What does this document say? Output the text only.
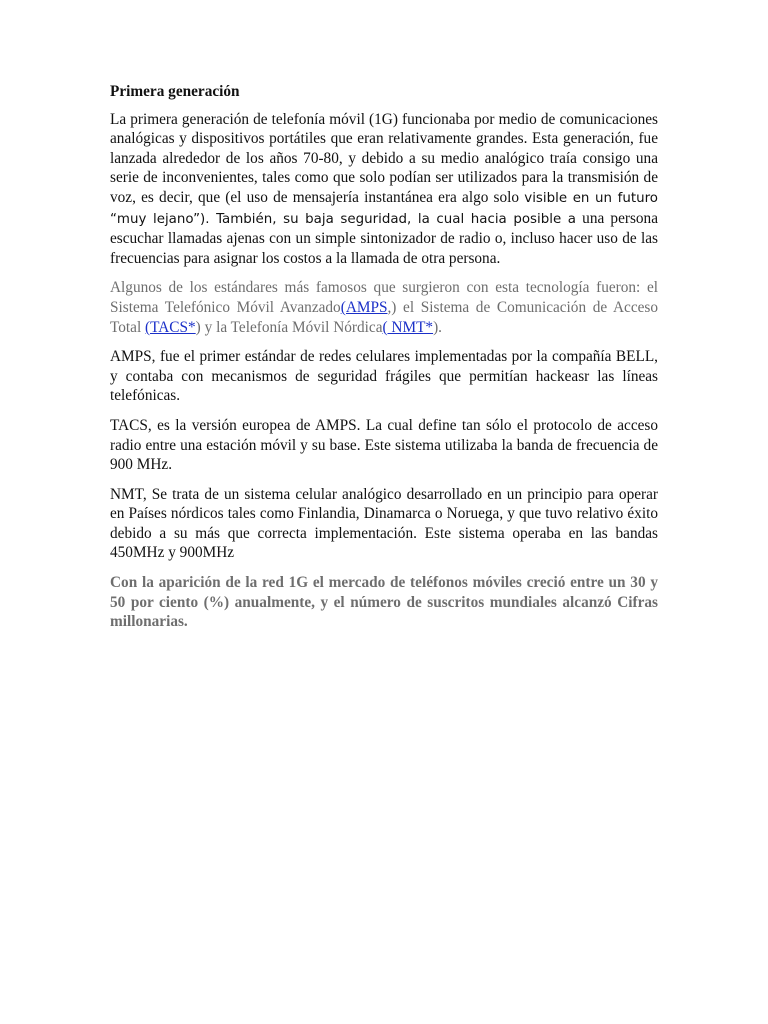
Primera generación

La primera generación de telefonía móvil (1G) funcionaba por medio de comunicaciones analógicas y dispositivos portátiles que eran relativamente grandes. Esta generación, fue lanzada alrededor de los años 70-80, y debido a su medio analógico traía consigo una serie de inconvenientes, tales como que solo podían ser utilizados para la transmisión de voz, es decir, que (el uso de mensajería instantánea era algo solo visible en un futuro “muy lejano”). También, su baja seguridad, la cual hacia posible a una persona escuchar llamadas ajenas con un simple sintonizador de radio o, incluso hacer uso de las frecuencias para asignar los costos a la llamada de otra persona.

Algunos de los estándares más famosos que surgieron con esta tecnología fueron: el Sistema Telefónico Móvil Avanzado(AMPS,) el Sistema de Comunicación de Acceso Total (TACS*) y la Telefonía Móvil Nórdica( NMT*).

AMPS, fue el primer estándar de redes celulares implementadas por la compañía BELL, y contaba con mecanismos de seguridad frágiles que permitían hackeasr las líneas telefónicas.

TACS, es la versión europea de AMPS. La cual define tan sólo el protocolo de acceso radio entre una estación móvil y su base. Este sistema utilizaba la banda de frecuencia de 900 MHz.

NMT, Se trata de un sistema celular analógico desarrollado en un principio para operar en Países nórdicos tales como Finlandia, Dinamarca o Noruega, y que tuvo relativo éxito debido a su más que correcta implementación. Este sistema operaba en las bandas 450MHz y 900MHz

Con la aparición de la red 1G el mercado de teléfonos móviles creció entre un 30 y 50 por ciento (%) anualmente, y el número de suscritos mundiales alcanzó Cifras millonarias.
